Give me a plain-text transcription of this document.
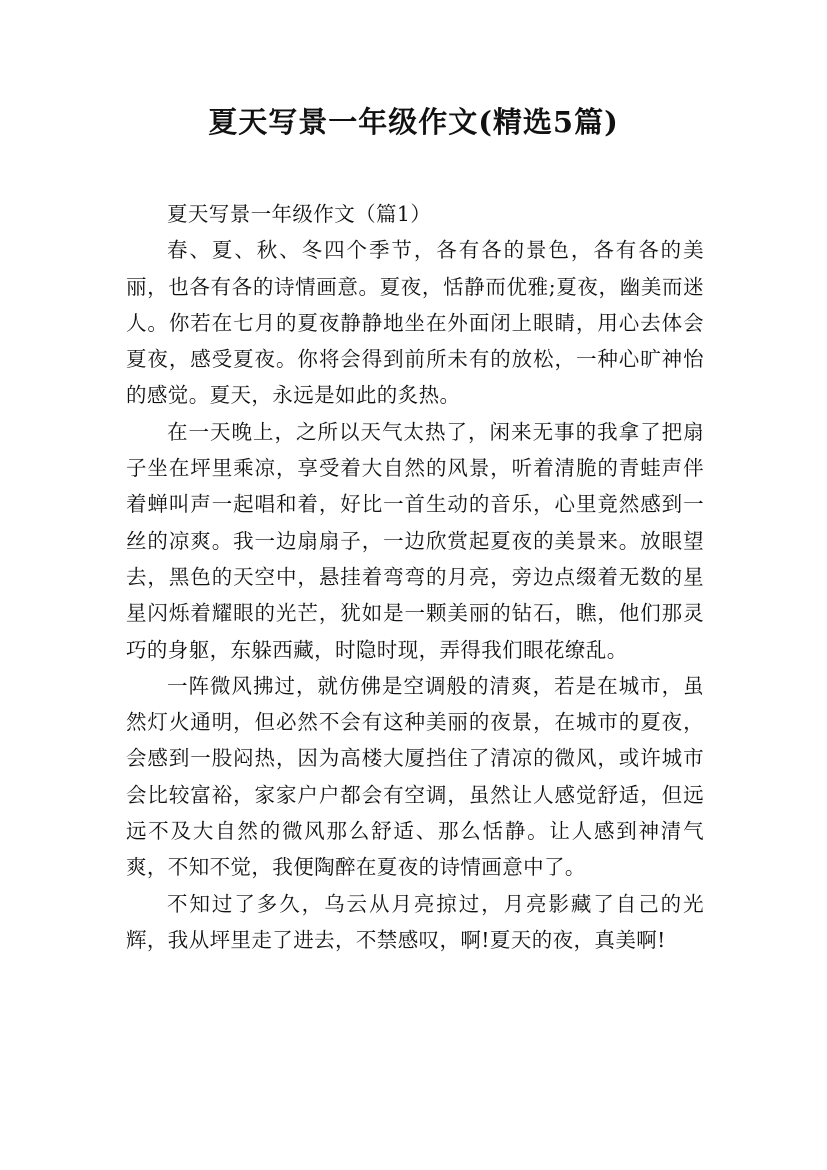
夏天写景一年级作文(精选5篇)

夏天写景一年级作文（篇1）

春、夏、秋、冬四个季节，各有各的景色，各有各的美丽，也各有各的诗情画意。夏夜，恬静而优雅;夏夜，幽美而迷人。你若在七月的夏夜静静地坐在外面闭上眼睛，用心去体会夏夜，感受夏夜。你将会得到前所未有的放松，一种心旷神怡的感觉。夏天，永远是如此的炙热。

在一天晚上，之所以天气太热了，闲来无事的我拿了把扇子坐在坪里乘凉，享受着大自然的风景，听着清脆的青蛙声伴着蝉叫声一起唱和着，好比一首生动的音乐，心里竟然感到一丝的凉爽。我一边扇扇子，一边欣赏起夏夜的美景来。放眼望去，黑色的天空中，悬挂着弯弯的月亮，旁边点缀着无数的星星闪烁着耀眼的光芒，犹如是一颗美丽的钻石，瞧，他们那灵巧的身躯，东躲西藏，时隐时现，弄得我们眼花缭乱。

一阵微风拂过，就仿佛是空调般的清爽，若是在城市，虽然灯火通明，但必然不会有这种美丽的夜景，在城市的夏夜，会感到一股闷热，因为高楼大厦挡住了清凉的微风，或许城市会比较富裕，家家户户都会有空调，虽然让人感觉舒适，但远远不及大自然的微风那么舒适、那么恬静。让人感到神清气爽，不知不觉，我便陶醉在夏夜的诗情画意中了。

不知过了多久，乌云从月亮掠过，月亮影藏了自己的光辉，我从坪里走了进去，不禁感叹，啊!夏天的夜，真美啊!
